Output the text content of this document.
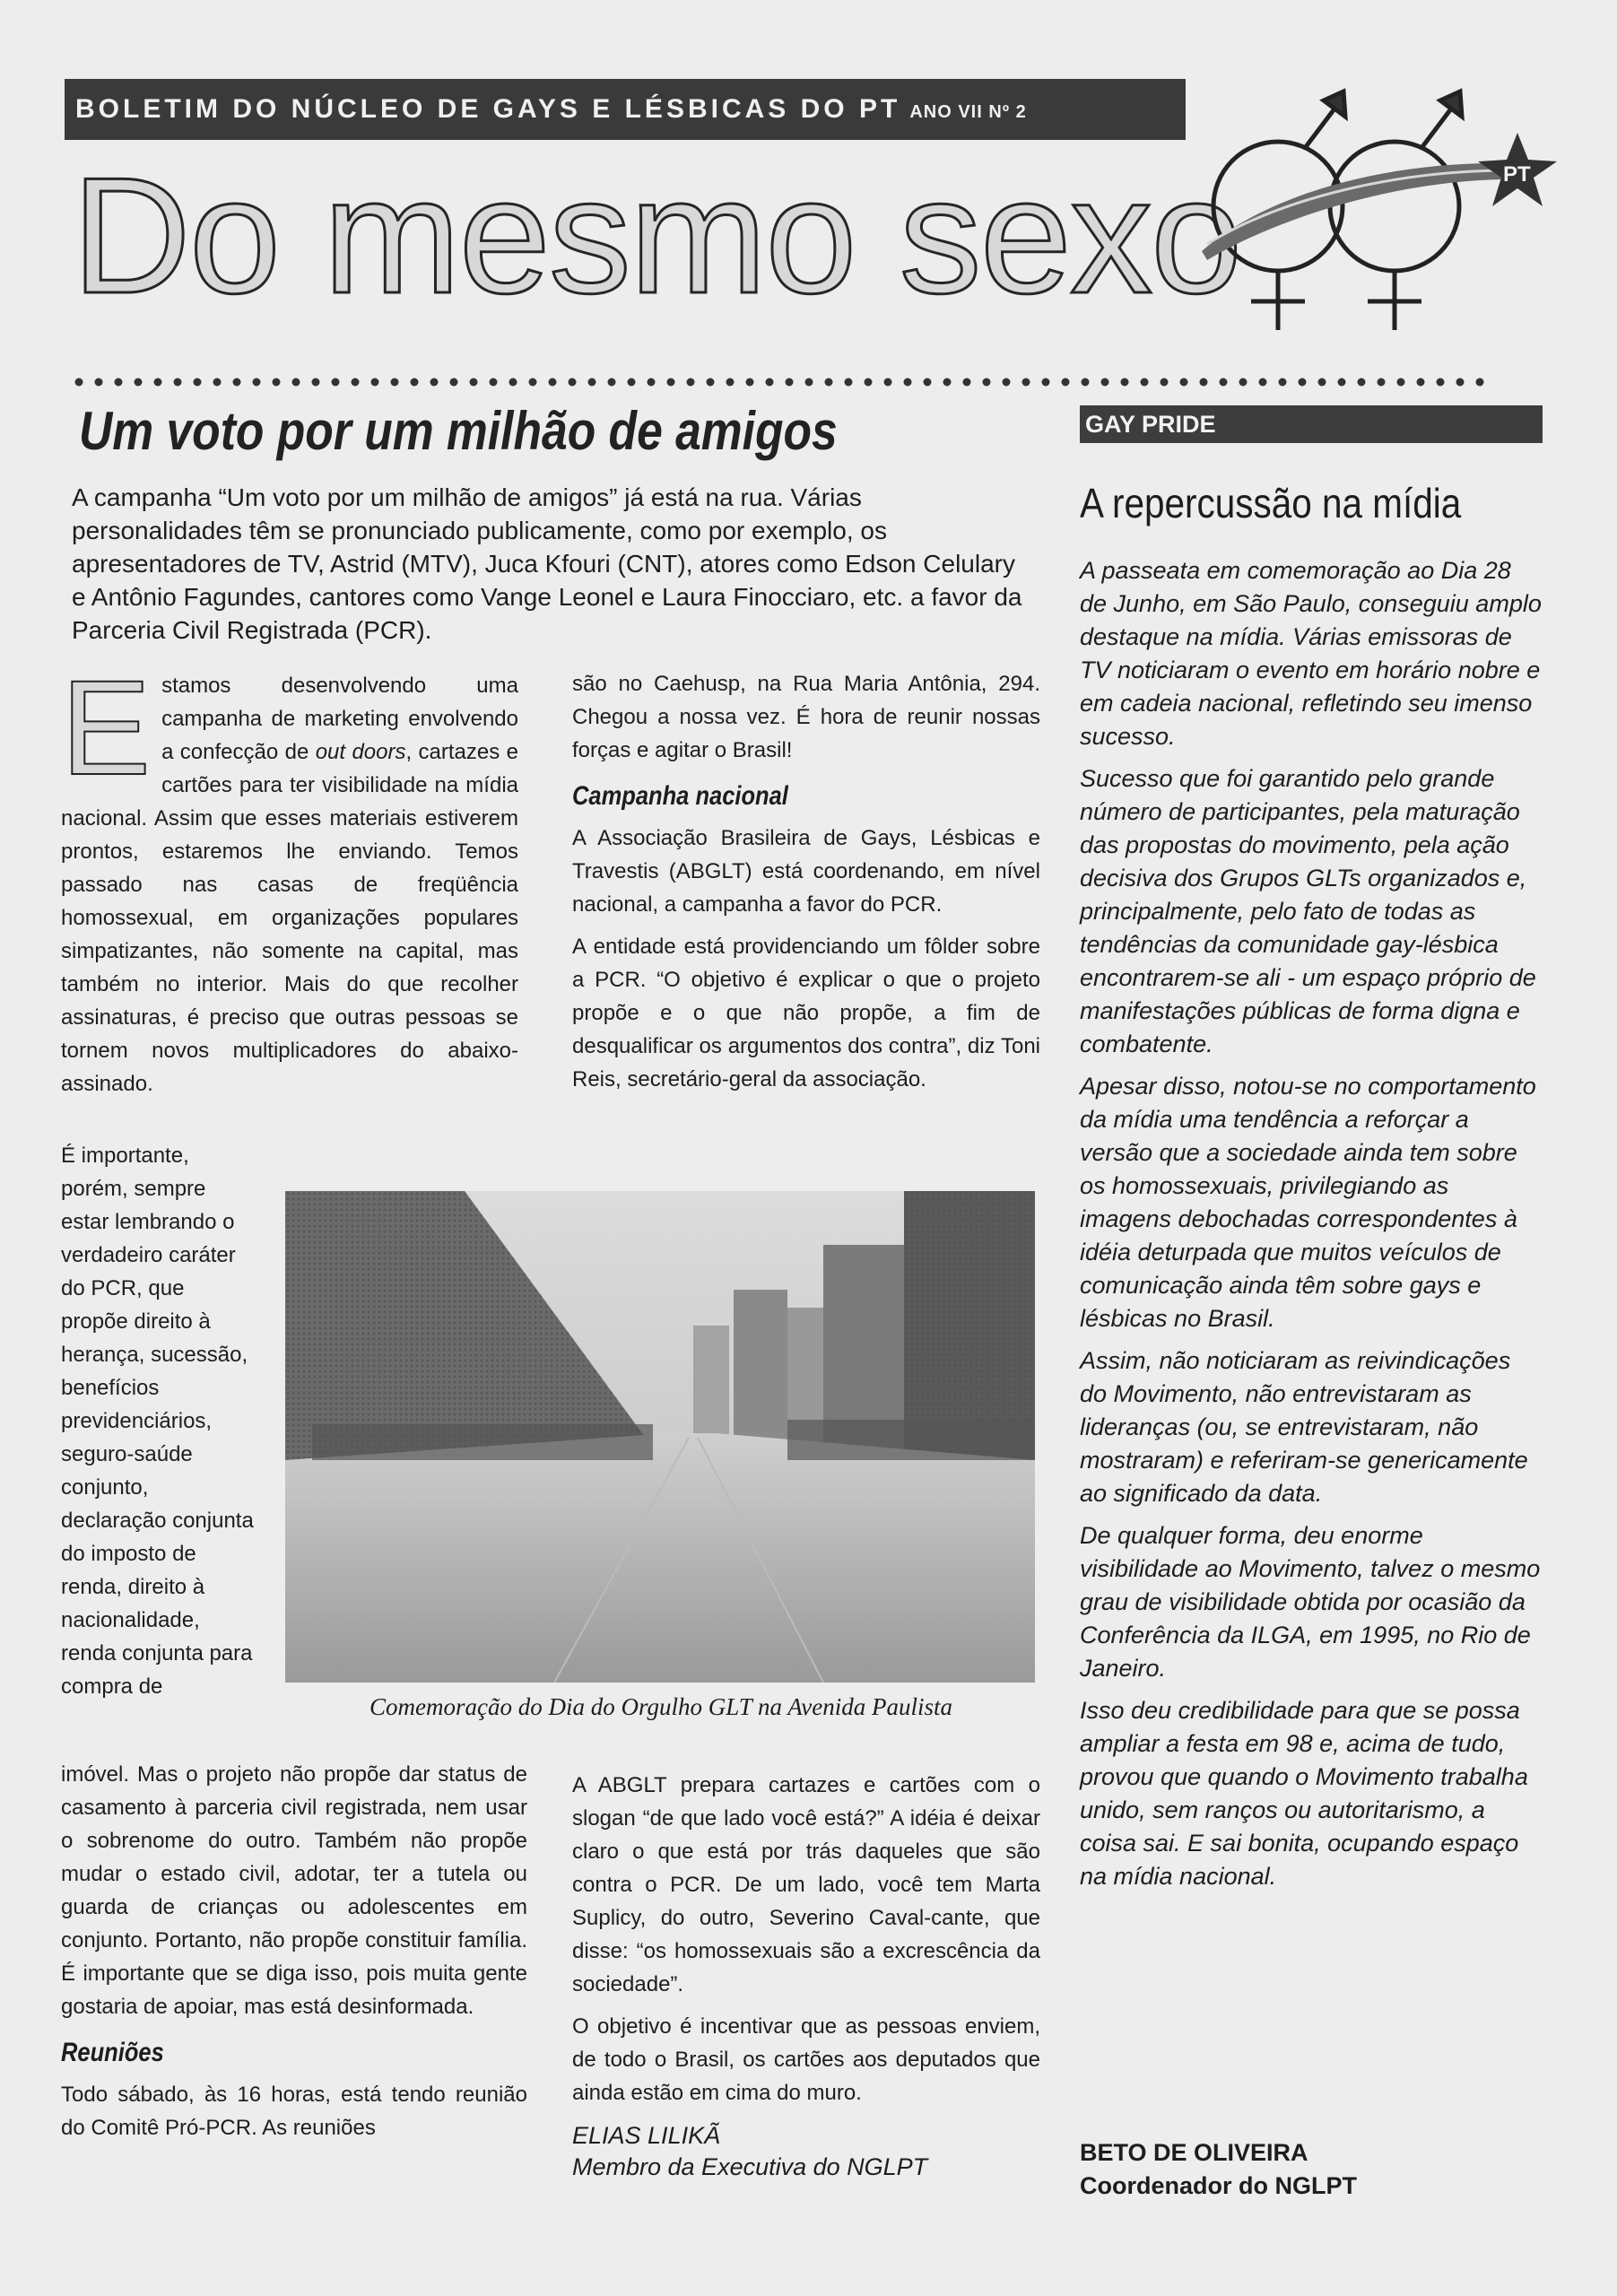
BOLETIM DO NÚCLEO DE GAYS E LÉSBICAS DO PT ANO VII Nº 2
Do mesmo sexo	PT
Um voto por um milhão de amigos

A campanha “Um voto por um milhão de amigos” já está na rua. Várias personalidades têm se pronunciado publicamente, como por exemplo, os apresentadores de TV, Astrid (MTV), Juca Kfouri (CNT), atores como Edson Celulary e Antônio Fagundes, cantores como Vange Leonel e Laura Finocciaro, etc. a favor da Parceria Civil Registrada (PCR).

Estamos desenvolvendo uma campanha de marketing envolvendo a confecção de out doors, cartazes e cartões para ter visibilidade na mídia nacional. Assim que esses materiais estiverem prontos, estaremos lhe enviando. Temos passado nas casas de freqüência homossexual, em organizações populares simpatizantes, não somente na capital, mas também no interior. Mais do que recolher assinaturas, é preciso que outras pessoas se tornem novos multiplicadores do abaixo-assinado.

É importante, porém, sempre estar lembrando o verdadeiro caráter do PCR, que propõe direito à herança, sucessão, benefícios previdenciários, seguro-saúde conjunto, declaração conjunta do imposto de renda, direito à nacionalidade, renda conjunta para compra de

imóvel. Mas o projeto não propõe dar status de casamento à parceria civil registrada, nem usar o sobrenome do outro. Também não propõe mudar o estado civil, adotar, ter a tutela ou guarda de crianças ou adolescentes em conjunto. Portanto, não propõe constituir família. É importante que se diga isso, pois muita gente gostaria de apoiar, mas está desinformada.

Reuniões

Todo sábado, às 16 horas, está tendo reunião do Comitê Pró-PCR. As reuniões

são no Caehusp, na Rua Maria Antônia, 294. Chegou a nossa vez. É hora de reunir nossas forças e agitar o Brasil!

Campanha nacional

A Associação Brasileira de Gays, Lésbicas e Travestis (ABGLT) está coordenando, em nível nacional, a campanha a favor do PCR.

A entidade está providenciando um fôlder sobre a PCR. “O objetivo é explicar o que o projeto propõe e o que não propõe, a fim de desqualificar os argumentos dos contra”, diz Toni Reis, secretário-geral da associação.

Comemoração do Dia do Orgulho GLT na Avenida Paulista

A ABGLT prepara cartazes e cartões com o slogan “de que lado você está?” A idéia é deixar claro o que está por trás daqueles que são contra o PCR. De um lado, você tem Marta Suplicy, do outro, Severino Caval-cante, que disse: “os homossexuais são a excrescência da sociedade”.

O objetivo é incentivar que as pessoas enviem, de todo o Brasil, os cartões aos deputados que ainda estão em cima do muro.

ELIAS LILIKÃ
Membro da Executiva do NGLPT
GAY PRIDE
A repercussão na mídia

A passeata em comemoração ao Dia 28 de Junho, em São Paulo, conseguiu amplo destaque na mídia. Várias emissoras de TV noticiaram o evento em horário nobre e em cadeia nacional, refletindo seu imenso sucesso.

Sucesso que foi garantido pelo grande número de participantes, pela maturação das propostas do movimento, pela ação decisiva dos Grupos GLTs organizados e, principalmente, pelo fato de todas as tendências da comunidade gay-lésbica encontrarem-se ali - um espaço próprio de manifestações públicas de forma digna e combatente.

Apesar disso, notou-se no comportamento da mídia uma tendência a reforçar a versão que a sociedade ainda tem sobre os homossexuais, privilegiando as imagens debochadas correspondentes à idéia deturpada que muitos veículos de comunicação ainda têm sobre gays e lésbicas no Brasil.

Assim, não noticiaram as reivindicações do Movimento, não entrevistaram as lideranças (ou, se entrevistaram, não mostraram) e referiram-se genericamente ao significado da data.

De qualquer forma, deu enorme visibilidade ao Movimento, talvez o mesmo grau de visibilidade obtida por ocasião da Conferência da ILGA, em 1995, no Rio de Janeiro.

Isso deu credibilidade para que se possa ampliar a festa em 98 e, acima de tudo, provou que quando o Movimento trabalha unido, sem ranços ou autoritarismo, a coisa sai. E sai bonita, ocupando espaço na mídia nacional.

BETO DE OLIVEIRA
Coordenador do NGLPT
